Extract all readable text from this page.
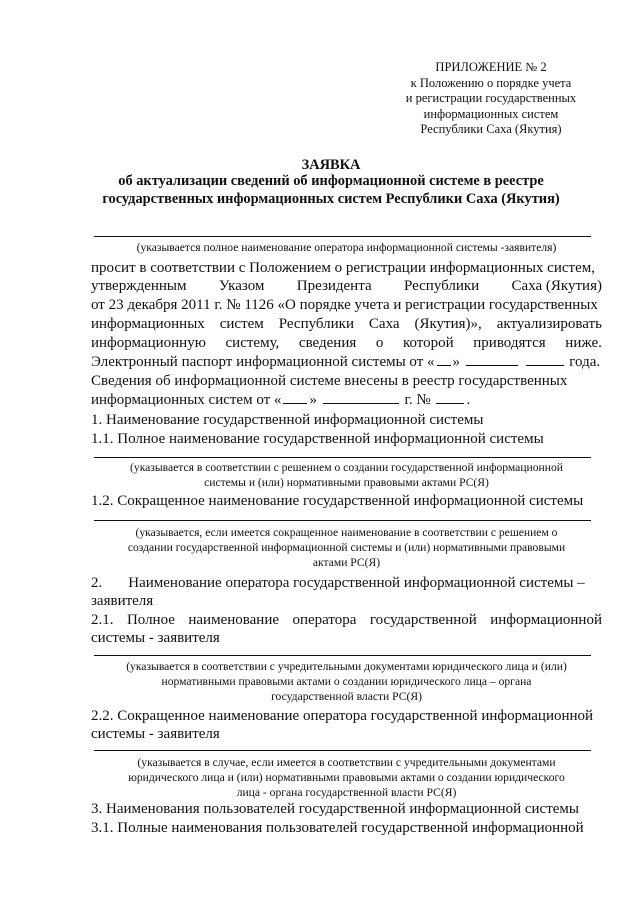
ПРИЛОЖЕНИЕ № 2
к Положению о порядке учета
и регистрации государственных
информационных систем
Республики Саха (Якутия)
ЗАЯВКА
об актуализации сведений об информационной системе в реестре
государственных информационных систем Республики Саха (Якутия)
(указывается полное наименование оператора информационной системы -заявителя)
просит в соответствии с Положением о регистрации информационных систем,
утвержденным Указом Президента Республики Саха (Якутия)
от 23 декабря 2011 г. № 1126 «О порядке учета и регистрации государственных
информационных систем Республики Саха (Якутия)», актуализировать
информационную систему, сведения о которой приводятся ниже.
Электронный паспорт информационной системы от « »	года.
Сведения об информационной системе внесены в реестр государственных
информационных систем от « »	г. № .
1. Наименование государственной информационной системы
1.1. Полное наименование государственной информационной системы
(указывается в соответствии с решением о создании государственной информационной
системы и (или) нормативными правовыми актами РС(Я)
1.2. Сокращенное наименование государственной информационной системы
(указывается, если имеется сокращенное наименование в соответствии с решением о
создании государственной информационной системы и (или) нормативными правовыми
актами РС(Я)
2. Наименование оператора государственной информационной системы –
заявителя
2.1. Полное наименование оператора государственной информационной
системы - заявителя
(указывается в соответствии с учредительными документами юридического лица и (или)
нормативными правовыми актами о создании юридического лица – органа
государственной власти РС(Я)
2.2. Сокращенное наименование оператора государственной информационной
системы - заявителя
(указывается в случае, если имеется в соответствии с учредительными документами
юридического лица и (или) нормативными правовыми актами о создании юридического
лица - органа государственной власти РС(Я)
3. Наименования пользователей государственной информационной системы
3.1. Полные наименования пользователей государственной информационной
